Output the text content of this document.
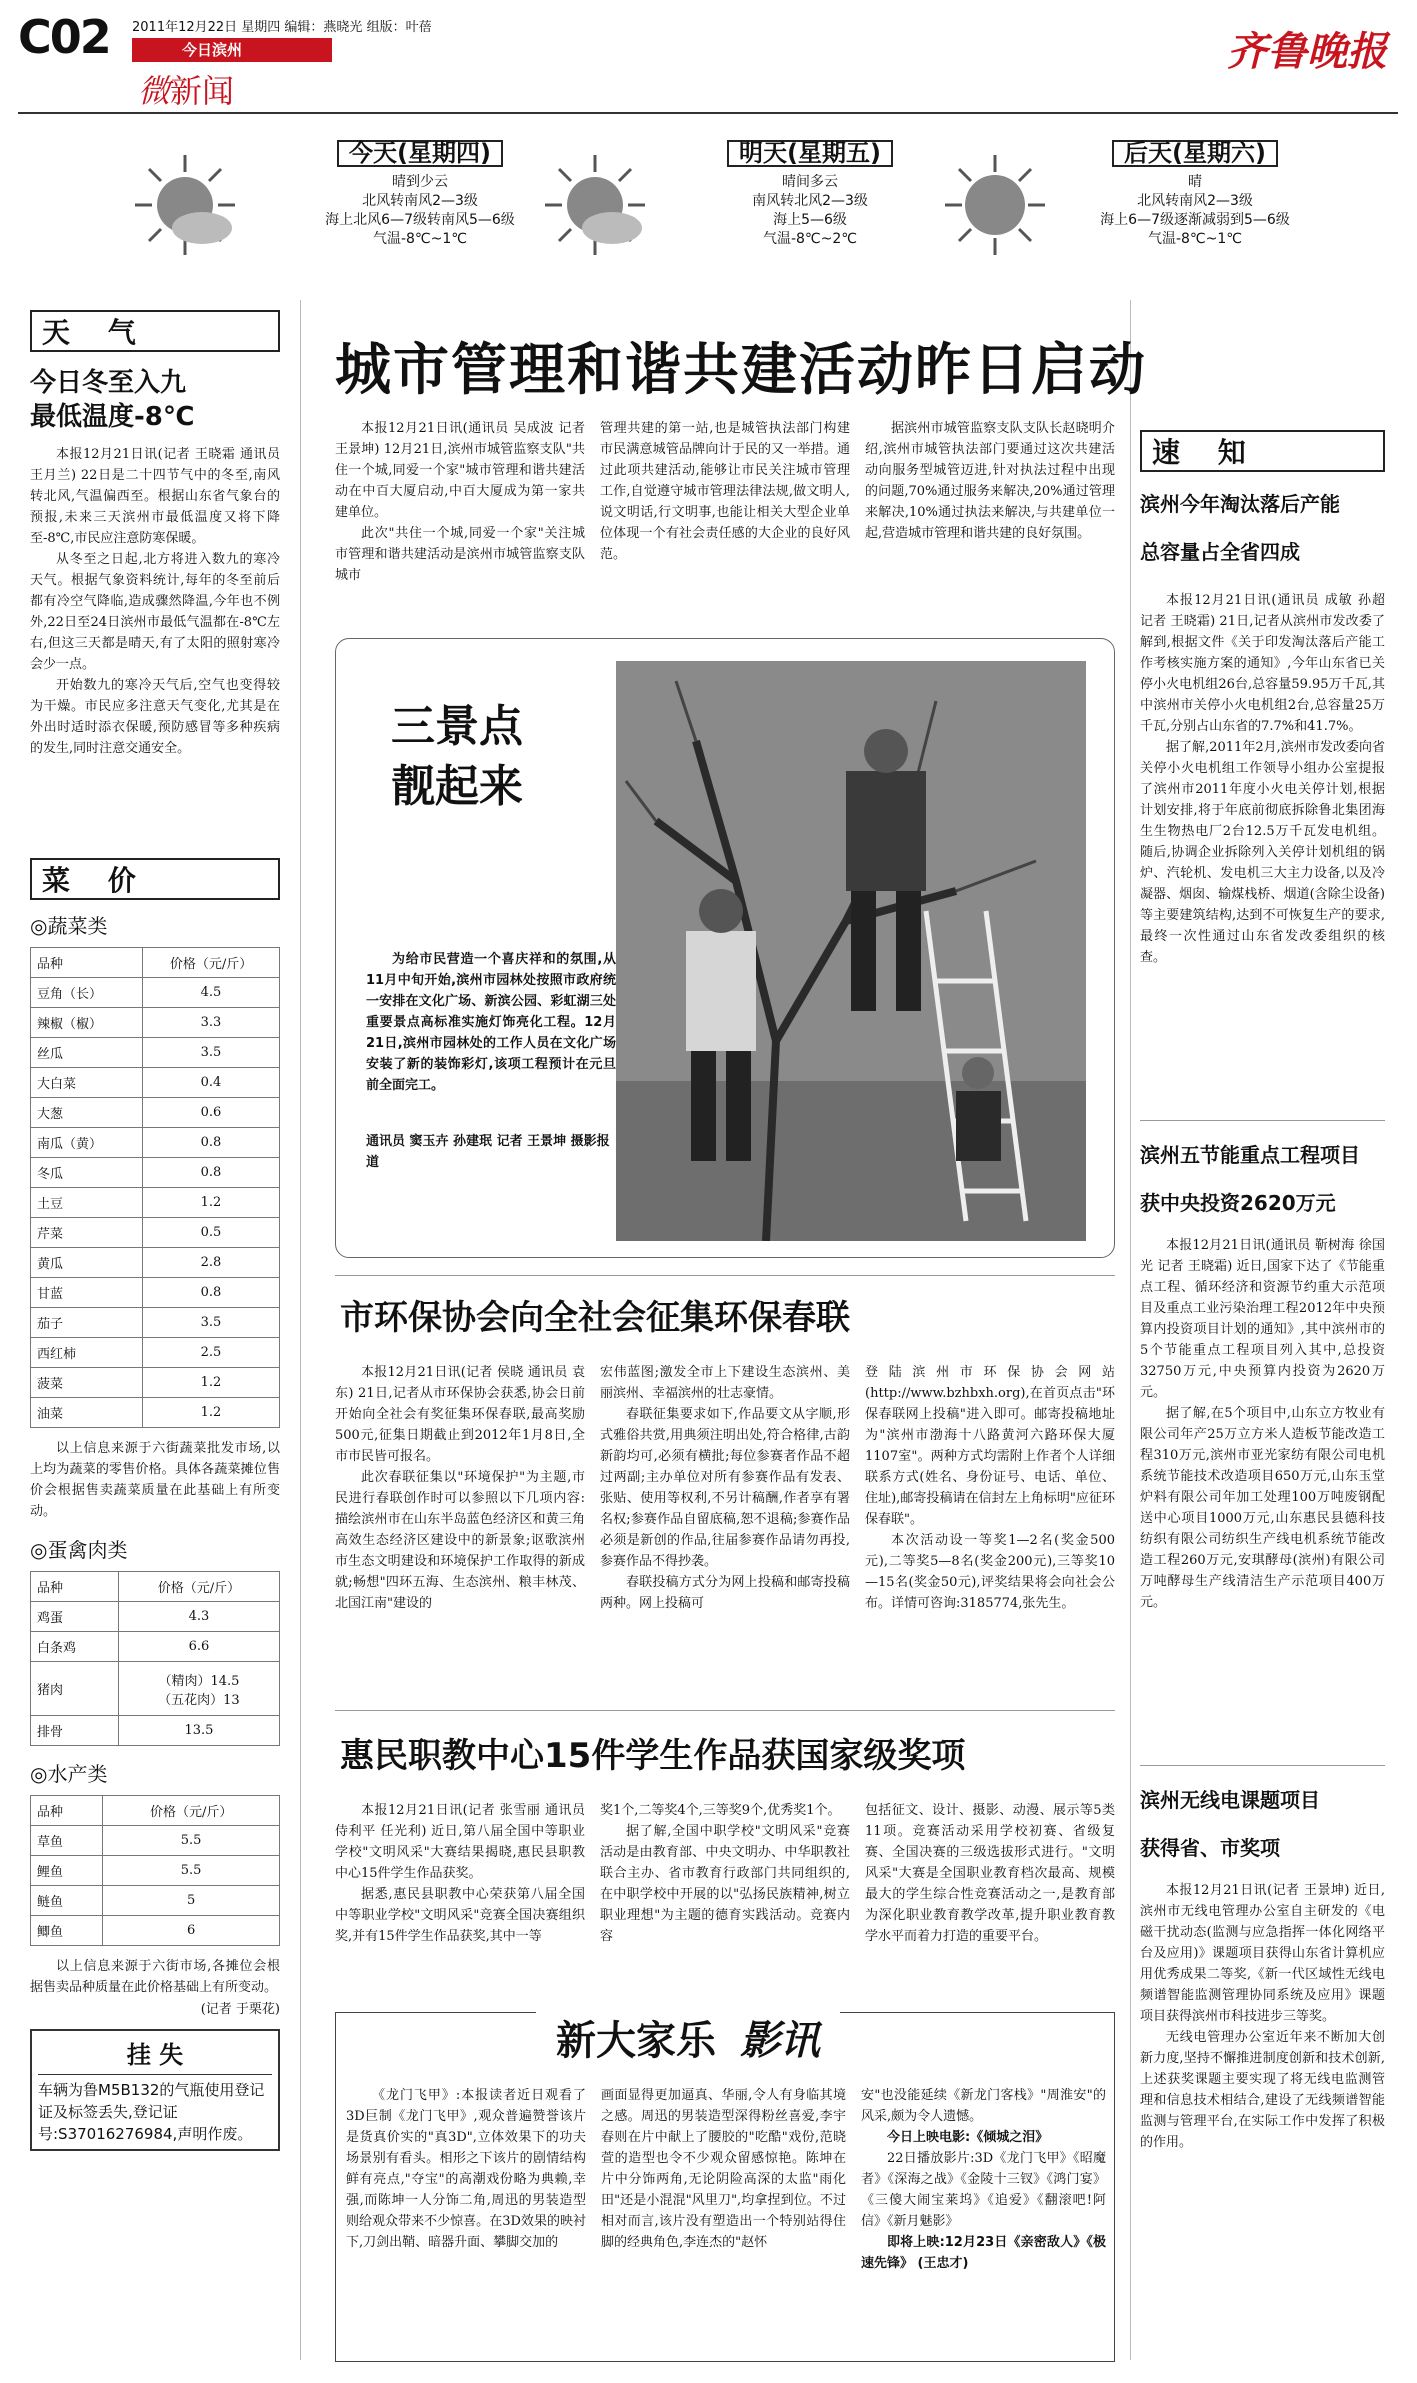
C02 2011年12月22日 星期四 编辑：燕晓光 组版：叶蓓
今日滨州
微新闻
齐鲁晚报
今天(星期四)
晴到少云
北风转南风2—3级
海上北风6—7级转南风5—6级
气温-8℃~1℃
明天(星期五)
晴间多云
南风转北风2—3级
海上5—6级
气温-8℃~2℃
后天(星期六)
晴
北风转南风2—3级
海上6—7级逐渐减弱到5—6级
气温-8℃~1℃
天 气
今日冬至入九
最低温度-8℃

本报12月21日讯(记者 王晓霜 通讯员 王月兰) 22日是二十四节气中的冬至,南风转北风,气温偏西至。根据山东省气象台的预报,未来三天滨州市最低温度又将下降至-8℃,市民应注意防寒保暖。

从冬至之日起,北方将进入数九的寒冷天气。根据气象资料统计,每年的冬至前后都有冷空气降临,造成骤然降温,今年也不例外,22日至24日滨州市最低气温都在-8℃左右,但这三天都是晴天,有了太阳的照射寒冷会少一点。

开始数九的寒冷天气后,空气也变得较为干燥。市民应多注意天气变化,尤其是在外出时适时添衣保暖,预防感冒等多种疾病的发生,同时注意交通安全。

菜 价
◎蔬菜类
品种	价格（元/斤）
豆角（长）	4.5
辣椒（椒）	3.3
丝瓜	3.5
大白菜	0.4
大葱	0.6
南瓜（黄）	0.8
冬瓜	0.8
土豆	1.2
芹菜	0.5
黄瓜	2.8
甘蓝	0.8
茄子	3.5
西红柿	2.5
菠菜	1.2
油菜	1.2

以上信息来源于六街蔬菜批发市场,以上均为蔬菜的零售价格。具体各蔬菜摊位售价会根据售卖蔬菜质量在此基础上有所变动。

◎蛋禽肉类
品种	价格（元/斤）
鸡蛋	4.3
白条鸡	6.6
猪肉	（精肉）14.5
（五花肉）13

排骨	13.5
◎水产类
品种	价格（元/斤）
草鱼	5.5
鲤鱼	5.5
鲢鱼	5
鲫鱼	6

以上信息来源于六街市场,各摊位会根据售卖品种质量在此价格基础上有所变动。

(记者 于栗花)
挂 失

车辆为鲁M5B132的气瓶使用登记证及标签丢失,登记证号:S37016276984,声明作废。

城市管理和谐共建活动昨日启动

本报12月21日讯(通讯员 吴成波 记者 王景坤) 12月21日,滨州市城管监察支队"共住一个城,同爱一个家"城市管理和谐共建活动在中百大厦启动,中百大厦成为第一家共建单位。

此次"共住一个城,同爱一个家"关注城市管理和谐共建活动是滨州市城管监察支队城市

管理共建的第一站,也是城管执法部门构建市民满意城管品牌向计于民的又一举措。通过此项共建活动,能够让市民关注城市管理工作,自觉遵守城市管理法律法规,做文明人,说文明话,行文明事,也能让相关大型企业单位体现一个有社会责任感的大企业的良好风范。

据滨州市城管监察支队支队长赵晓明介绍,滨州市城管执法部门要通过这次共建活动向服务型城管迈进,针对执法过程中出现的问题,70%通过服务来解决,20%通过管理来解决,10%通过执法来解决,与共建单位一起,营造城市管理和谐共建的良好氛围。

三景点
靓起来

为给市民营造一个喜庆祥和的氛围,从11月中旬开始,滨州市园林处按照市政府统一安排在文化广场、新滨公园、彩虹湖三处重要景点高标准实施灯饰亮化工程。12月21日,滨州市园林处的工作人员在文化广场安装了新的装饰彩灯,该项工程预计在元旦前全面完工。

通讯员 窦玉卉 孙建珉 记者 王景坤 摄影报道

市环保协会向全社会征集环保春联

本报12月21日讯(记者 侯晓 通讯员 袁东) 21日,记者从市环保协会获悉,协会日前开始向全社会有奖征集环保春联,最高奖励500元,征集日期截止到2012年1月8日,全市市民皆可报名。

此次春联征集以"环境保护"为主题,市民进行春联创作时可以参照以下几项内容:描绘滨州市在山东半岛蓝色经济区和黄三角高效生态经济区建设中的新景象;讴歌滨州市生态文明建设和环境保护工作取得的新成就;畅想"四环五海、生态滨州、粮丰林茂、北国江南"建设的

宏伟蓝图;激发全市上下建设生态滨州、美丽滨州、幸福滨州的壮志豪情。

春联征集要求如下,作品要文从字顺,形式雅俗共赏,用典须注明出处,符合格律,古韵新韵均可,必须有横批;每位参赛者作品不超过两副;主办单位对所有参赛作品有发表、张贴、使用等权利,不另计稿酬,作者享有署名权;参赛作品自留底稿,恕不退稿;参赛作品必须是新创的作品,往届参赛作品请勿再投,参赛作品不得抄袭。

春联投稿方式分为网上投稿和邮寄投稿两种。网上投稿可

登陆滨州市环保协会网站(http://www.bzhbxh.org),在首页点击"环保春联网上投稿"进入即可。邮寄投稿地址为"滨州市渤海十八路黄河六路环保大厦1107室"。两种方式均需附上作者个人详细联系方式(姓名、身份证号、电话、单位、住址),邮寄投稿请在信封左上角标明"应征环保春联"。

本次活动设一等奖1—2名(奖金500元),二等奖5—8名(奖金200元),三等奖10—15名(奖金50元),评奖结果将会向社会公布。详情可咨询:3185774,张先生。

惠民职教中心15件学生作品获国家级奖项

本报12月21日讯(记者 张雪丽 通讯员 侍利平 任光利) 近日,第八届全国中等职业学校"文明风采"大赛结果揭晓,惠民县职教中心15件学生作品获奖。

据悉,惠民县职教中心荣获第八届全国中等职业学校"文明风采"竞赛全国决赛组织奖,并有15件学生作品获奖,其中一等

奖1个,二等奖4个,三等奖9个,优秀奖1个。

据了解,全国中职学校"文明风采"竞赛活动是由教育部、中央文明办、中华职教社联合主办、省市教育行政部门共同组织的,在中职学校中开展的以"弘扬民族精神,树立职业理想"为主题的德育实践活动。竞赛内容

包括征文、设计、摄影、动漫、展示等5类11项。竞赛活动采用学校初赛、省级复赛、全国决赛的三级选拔形式进行。"文明风采"大赛是全国职业教育档次最高、规模最大的学生综合性竞赛活动之一,是教育部为深化职业教育教学改革,提升职业教育教学水平而着力打造的重要平台。

新大家乐 影讯

《龙门飞甲》:本报读者近日观看了3D巨制《龙门飞甲》,观众普遍赞誉该片是货真价实的"真3D",立体效果下的功夫场景别有看头。相形之下该片的剧情结构鲜有亮点,"夺宝"的高潮戏份略为典赖,幸强,而陈坤一人分饰二角,周迅的男装造型则给观众带来不少惊喜。在3D效果的映衬下,刀剑出鞘、暗器升面、攀脚交加的

画面显得更加逼真、华丽,令人有身临其境之感。周迅的男装造型深得粉丝喜爱,李宇春则在片中献上了腰胶的"吃酷"戏份,范晓萱的造型也令不少观众留感惊艳。陈坤在片中分饰两角,无论阴险高深的太监"雨化田"还是小混混"风里刀",均拿捏到位。不过相对而言,该片没有塑造出一个特别站得住脚的经典角色,李连杰的"赵怀

安"也没能延续《新龙门客栈》"周淮安"的风采,颇为令人遗憾。

今日上映电影:《倾城之泪》

22日播放影片:3D《龙门飞甲》《昭魔者》《深海之战》《金陵十三钗》《鸿门宴》《三傻大闹宝莱坞》《追爱》《翻滚吧!阿信》《新月魅影》

即将上映:12月23日《亲密敌人》《极速先锋》 (王忠才)

速 知
滨州今年淘汰落后产能
总容量占全省四成

本报12月21日讯(通讯员 成敏 孙超 记者 王晓霜) 21日,记者从滨州市发改委了解到,根据文件《关于印发淘汰落后产能工作考核实施方案的通知》,今年山东省已关停小火电机组26台,总容量59.95万千瓦,其中滨州市关停小火电机组2台,总容量25万千瓦,分别占山东省的7.7%和41.7%。

据了解,2011年2月,滨州市发改委向省关停小火电机组工作领导小组办公室提报了滨州市2011年度小火电关停计划,根据计划安排,将于年底前彻底拆除鲁北集团海生生物热电厂2台12.5万千瓦发电机组。随后,协调企业拆除列入关停计划机组的锅炉、汽轮机、发电机三大主力设备,以及冷凝器、烟囱、输煤栈桥、烟道(含除尘设备)等主要建筑结构,达到不可恢复生产的要求,最终一次性通过山东省发改委组织的核查。

滨州五节能重点工程项目
获中央投资2620万元

本报12月21日讯(通讯员 靳树海 徐国光 记者 王晓霜) 近日,国家下达了《节能重点工程、循环经济和资源节约重大示范项目及重点工业污染治理工程2012年中央预算内投资项目计划的通知》,其中滨州市的5个节能重点工程项目列入其中,总投资32750万元,中央预算内投资为2620万元。

据了解,在5个项目中,山东立方牧业有限公司年产25万立方米人造板节能改造工程310万元,滨州市亚光家纺有限公司电机系统节能技术改造项目650万元,山东玉堂炉料有限公司年加工处理100万吨废钢配送中心项目1000万元,山东惠民县德科技纺织有限公司纺织生产线电机系统节能改造工程260万元,安琪酵母(滨州)有限公司万吨酵母生产线清洁生产示范项目400万元。

滨州无线电课题项目
获得省、市奖项

本报12月21日讯(记者 王景坤) 近日,滨州市无线电管理办公室自主研发的《电磁干扰动态(监测与应急指挥一体化网络平台及应用)》课题项目获得山东省计算机应用优秀成果二等奖,《新一代区域性无线电频谱智能监测管理协同系统及应用》课题项目获得滨州市科技进步三等奖。

无线电管理办公室近年来不断加大创新力度,坚持不懈推进制度创新和技术创新,上述获奖课题主要实现了将无线电监测管理和信息技术相结合,建设了无线频谱智能监测与管理平台,在实际工作中发挥了积极的作用。
